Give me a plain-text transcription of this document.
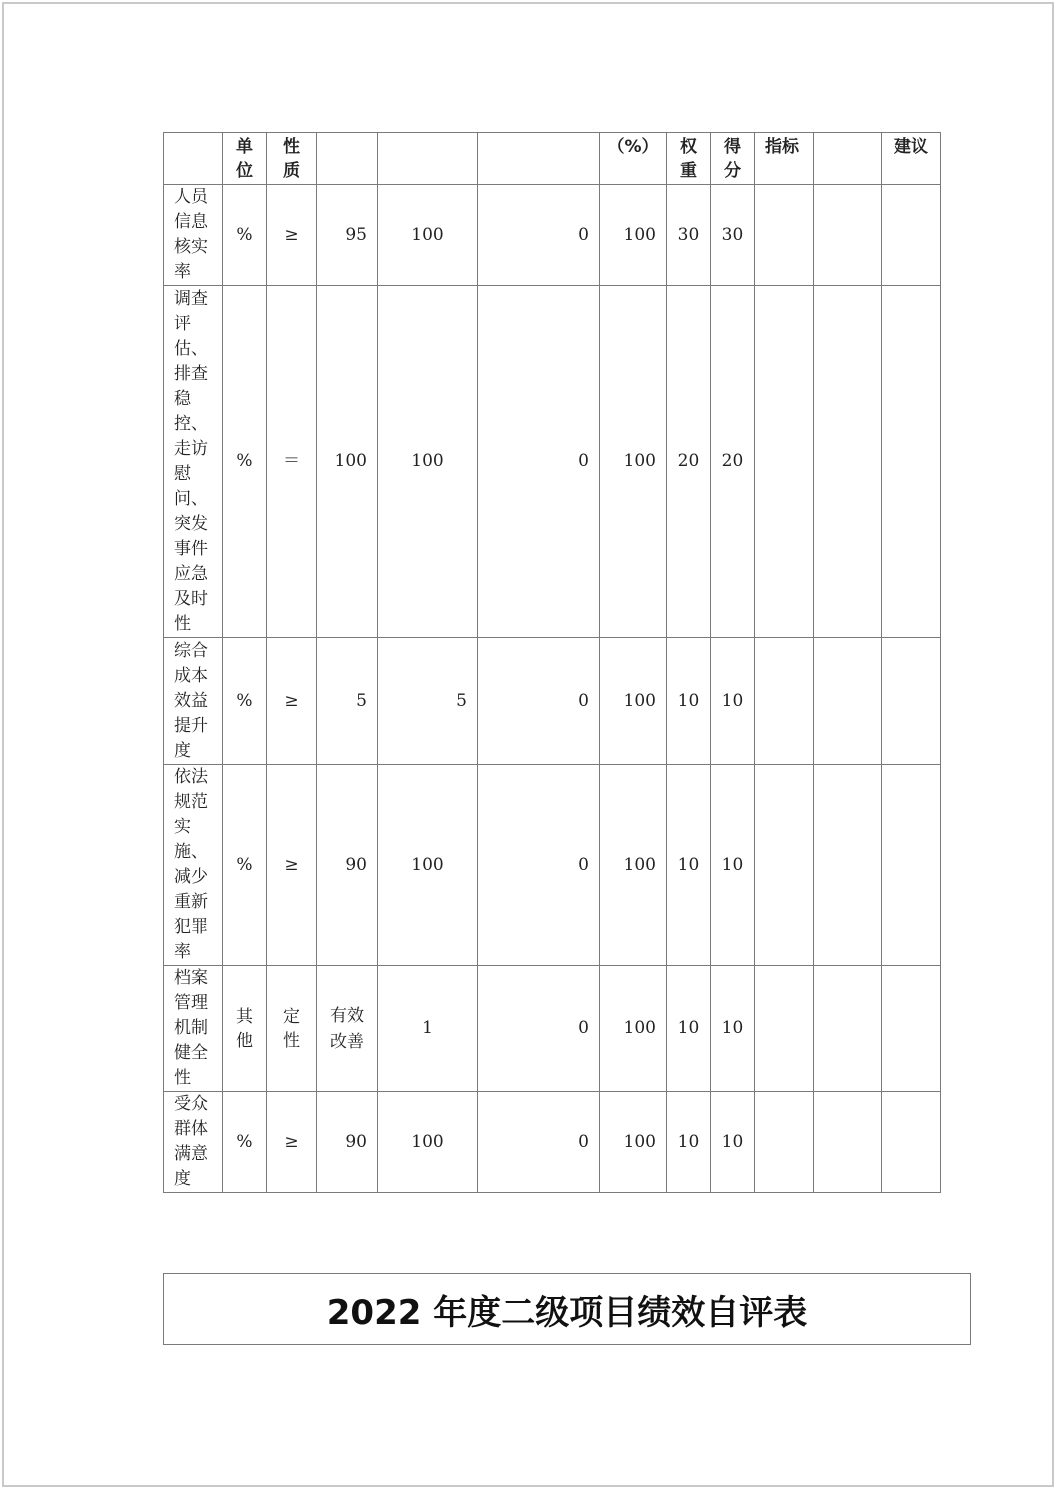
	单位	性质				（%）	权重	得分	指标		建议

人员信息核实率	%	≥	95	100	0	100	30	30			

调查评估、排查稳控、走访慰问、突发事件应急及时性	%	＝	100	100	0	100	20	20			

综合成本效益提升度	%	≥	5	5	0	100	10	10			

依法规范实施、减少重新犯罪率	%	≥	90	100	0	100	10	10			

档案管理机制健全性	其他	定性	有效改善	1	0	100	10	10			

受众群体满意度	%	≥	90	100	0	100	10	10			
2022 年度二级项目绩效自评表
